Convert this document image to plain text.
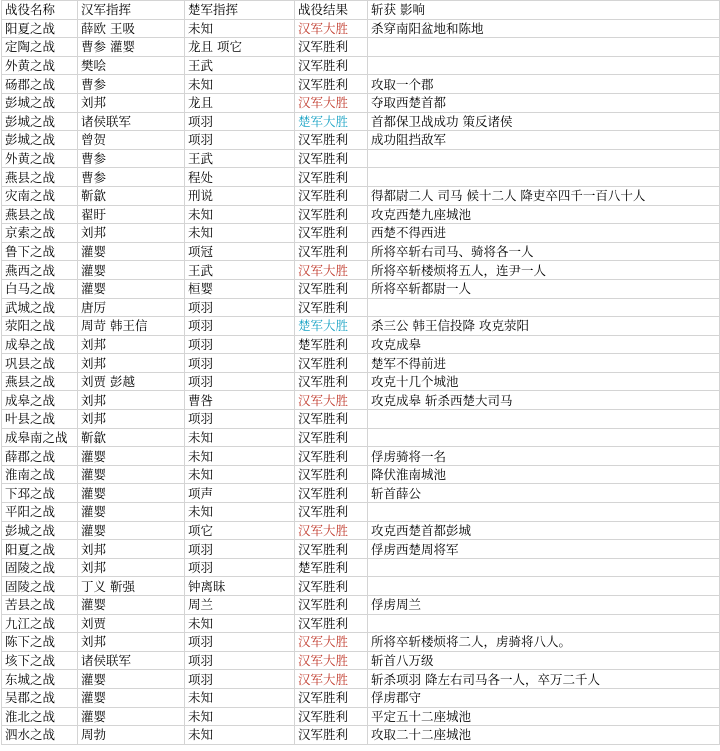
战役名称	汉军指挥	楚军指挥	战役结果	斩获 影响
阳夏之战	薛欧 王吸	未知	汉军大胜	杀穿南阳盆地和陈地
定陶之战	曹参 灌婴	龙且 项它	汉军胜利	
外黄之战	樊哙	王武	汉军胜利	
砀郡之战	曹参	未知	汉军胜利	攻取一个郡
彭城之战	刘邦	龙且	汉军大胜	夺取西楚首都
彭城之战	诸侯联军	项羽	楚军大胜	首都保卫战成功 策反诸侯
彭城之战	曾贺	项羽	汉军胜利	成功阻挡敌军
外黄之战	曹参	王武	汉军胜利	
燕县之战	曹参	程处	汉军胜利	
灾南之战	靳歙	刑说	汉军胜利	得都尉二人 司马 候十二人 降吏卒四千一百八十人
燕县之战	翟盱	未知	汉军胜利	攻克西楚九座城池
京索之战	刘邦	未知	汉军胜利	西楚不得西进
鲁下之战	灌婴	项冠	汉军胜利	所将卒斩右司马、骑将各一人
燕西之战	灌婴	王武	汉军大胜	所将卒斩楼烦将五人，连尹一人
白马之战	灌婴	桓婴	汉军胜利	所将卒斩都尉一人
武城之战	唐厉	项羽	汉军胜利	
荥阳之战	周苛 韩王信	项羽	楚军大胜	杀三公 韩王信投降 攻克荥阳
成皋之战	刘邦	项羽	楚军胜利	攻克成皋
巩县之战	刘邦	项羽	汉军胜利	楚军不得前进
燕县之战	刘贾 彭越	项羽	汉军胜利	攻克十几个城池
成皋之战	刘邦	曹咎	汉军大胜	攻克成皋 斩杀西楚大司马
叶县之战	刘邦	项羽	汉军胜利	
成皋南之战	靳歙	未知	汉军胜利	
薛郡之战	灌婴	未知	汉军胜利	俘虏骑将一名
淮南之战	灌婴	未知	汉军胜利	降伏淮南城池
下邳之战	灌婴	项声	汉军胜利	斩首薛公
平阳之战	灌婴	未知	汉军胜利	
彭城之战	灌婴	项它	汉军大胜	攻克西楚首都彭城
阳夏之战	刘邦	项羽	汉军胜利	俘虏西楚周将军
固陵之战	刘邦	项羽	楚军胜利	
固陵之战	丁义 靳强	钟离昧	汉军胜利	
苦县之战	灌婴	周兰	汉军胜利	俘虏周兰
九江之战	刘贾	未知	汉军胜利	
陈下之战	刘邦	项羽	汉军大胜	所将卒斩楼烦将二人，虏骑将八人。
垓下之战	诸侯联军	项羽	汉军大胜	斩首八万级
东城之战	灌婴	项羽	汉军大胜	斩杀项羽 降左右司马各一人，卒万二千人
吴郡之战	灌婴	未知	汉军胜利	俘虏郡守
淮北之战	灌婴	未知	汉军胜利	平定五十二座城池
泗水之战	周勃	未知	汉军胜利	攻取二十二座城池
